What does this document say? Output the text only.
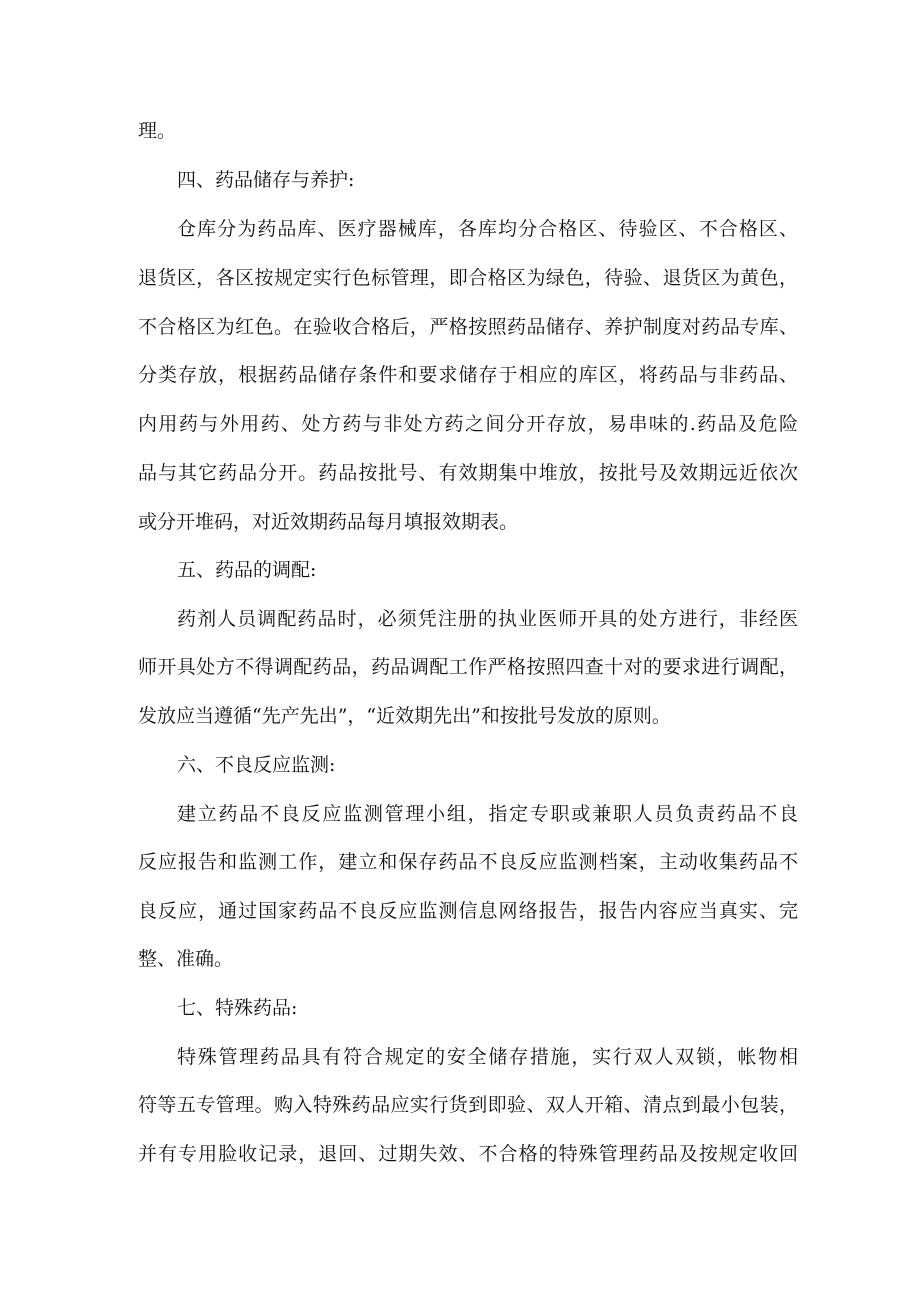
理。
四、药品储存与养护:
仓库分为药品库、医疗器械库，各库均分合格区、待验区、不合格区、
退货区，各区按规定实行色标管理，即合格区为绿色，待验、退货区为黄色，
不合格区为红色。在验收合格后，严格按照药品储存、养护制度对药品专库、
分类存放，根据药品储存条件和要求储存于相应的库区，将药品与非药品、
内用药与外用药、处方药与非处方药之间分开存放，易串味的.药品及危险
品与其它药品分开。药品按批号、有效期集中堆放，按批号及效期远近依次
或分开堆码，对近效期药品每月填报效期表。
五、药品的调配:
药剂人员调配药品时，必须凭注册的执业医师开具的处方进行，非经医
师开具处方不得调配药品，药品调配工作严格按照四查十对的要求进行调配，
发放应当遵循“先产先出”，“近效期先出”和按批号发放的原则。
六、不良反应监测:
建立药品不良反应监测管理小组，指定专职或兼职人员负责药品不良
反应报告和监测工作，建立和保存药品不良反应监测档案，主动收集药品不
良反应，通过国家药品不良反应监测信息网络报告，报告内容应当真实、完
整、准确。
七、特殊药品:
特殊管理药品具有符合规定的安全储存措施，实行双人双锁，帐物相
符等五专管理。购入特殊药品应实行货到即验、双人开箱、清点到最小包装，
并有专用脸收记录，退回、过期失效、不合格的特殊管理药品及按规定收回
